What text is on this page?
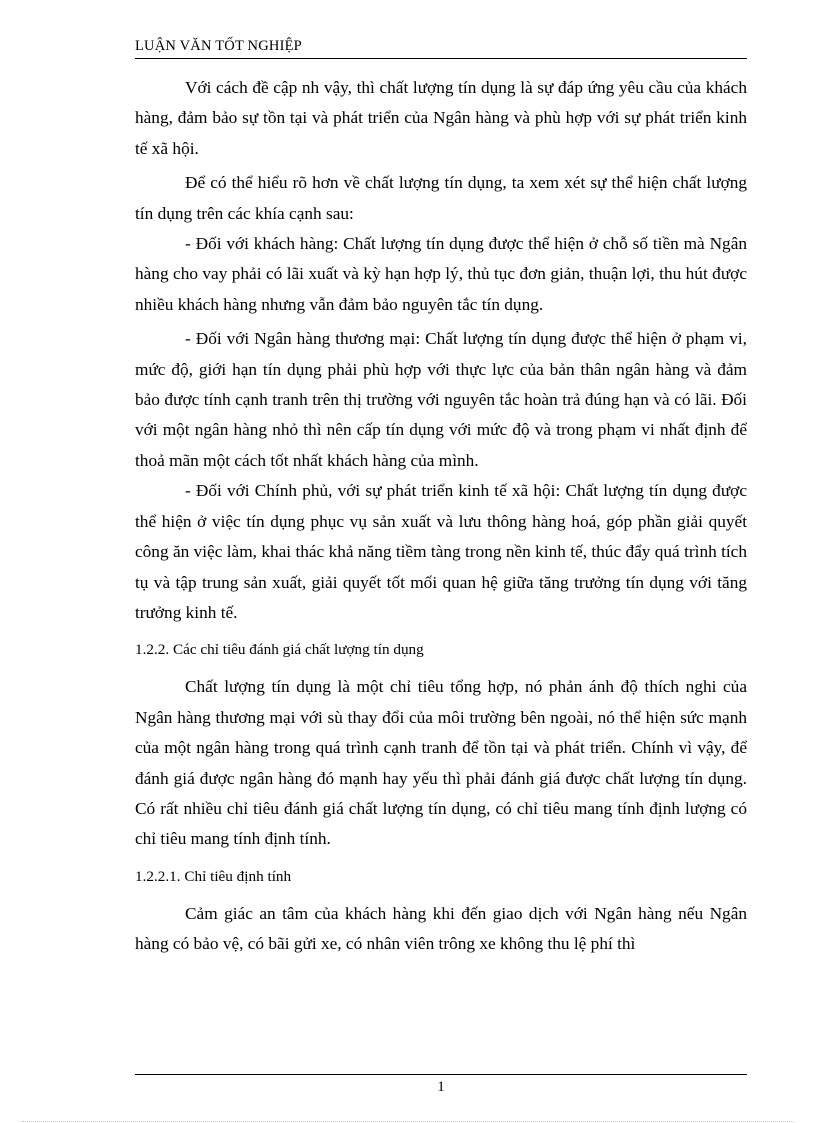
LUẬN VĂN TỐT NGHIỆP

Với cách đề cập nh vậy, thì chất lượng tín dụng là sự đáp ứng yêu cầu của khách hàng, đảm bảo sự tồn tại và phát triển của Ngân hàng và phù hợp với sự phát triển kinh tế xã hội.

Để có thể hiểu rõ hơn về chất lượng tín dụng, ta xem xét sự thể hiện chất lượng tín dụng trên các khía cạnh sau:

- Đối với khách hàng: Chất lượng tín dụng được thể hiện ở chỗ số tiền mà Ngân hàng cho vay phải có lãi xuất và kỳ hạn hợp lý, thủ tục đơn giản, thuận lợi, thu hút được nhiều khách hàng nhưng vẫn đảm bảo nguyên tắc tín dụng.

- Đối với Ngân hàng thương mại: Chất lượng tín dụng được thể hiện ở phạm vi, mức độ, giới hạn tín dụng phải phù hợp với thực lực của bản thân ngân hàng và đảm bảo được tính cạnh tranh trên thị trường với nguyên tắc hoàn trả đúng hạn và có lãi. Đối với một ngân hàng nhỏ thì nên cấp tín dụng với mức độ và trong phạm vi nhất định để thoả mãn một cách tốt nhất khách hàng của mình.

- Đối với Chính phủ, với sự phát triển kinh tế xã hội: Chất lượng tín dụng được thể hiện ở việc tín dụng phục vụ sản xuất và lưu thông hàng hoá, góp phần giải quyết công ăn việc làm, khai thác khả năng tiềm tàng trong nền kinh tế, thúc đẩy quá trình tích tụ và tập trung sản xuất, giải quyết tốt mối quan hệ giữa tăng trưởng tín dụng với tăng trưởng kinh tế.

1.2.2. Các chỉ tiêu đánh giá chất lượng tín dụng

Chất lượng tín dụng là một chỉ tiêu tổng hợp, nó phản ánh độ thích nghi của Ngân hàng thương mại với sù thay đổi của môi trường bên ngoài, nó thể hiện sức mạnh của một ngân hàng trong quá trình cạnh tranh để tồn tại và phát triển. Chính vì vậy, để đánh giá được ngân hàng đó mạnh hay yếu thì phải đánh giá được chất lượng tín dụng. Có rất nhiều chỉ tiêu đánh giá chất lượng tín dụng, có chỉ tiêu mang tính định lượng có chỉ tiêu mang tính định tính.

1.2.2.1. Chỉ tiêu định tính

Cảm giác an tâm của khách hàng khi đến giao dịch với Ngân hàng nếu Ngân hàng có bảo vệ, có bãi gửi xe, có nhân viên trông xe không thu lệ phí thì

1
